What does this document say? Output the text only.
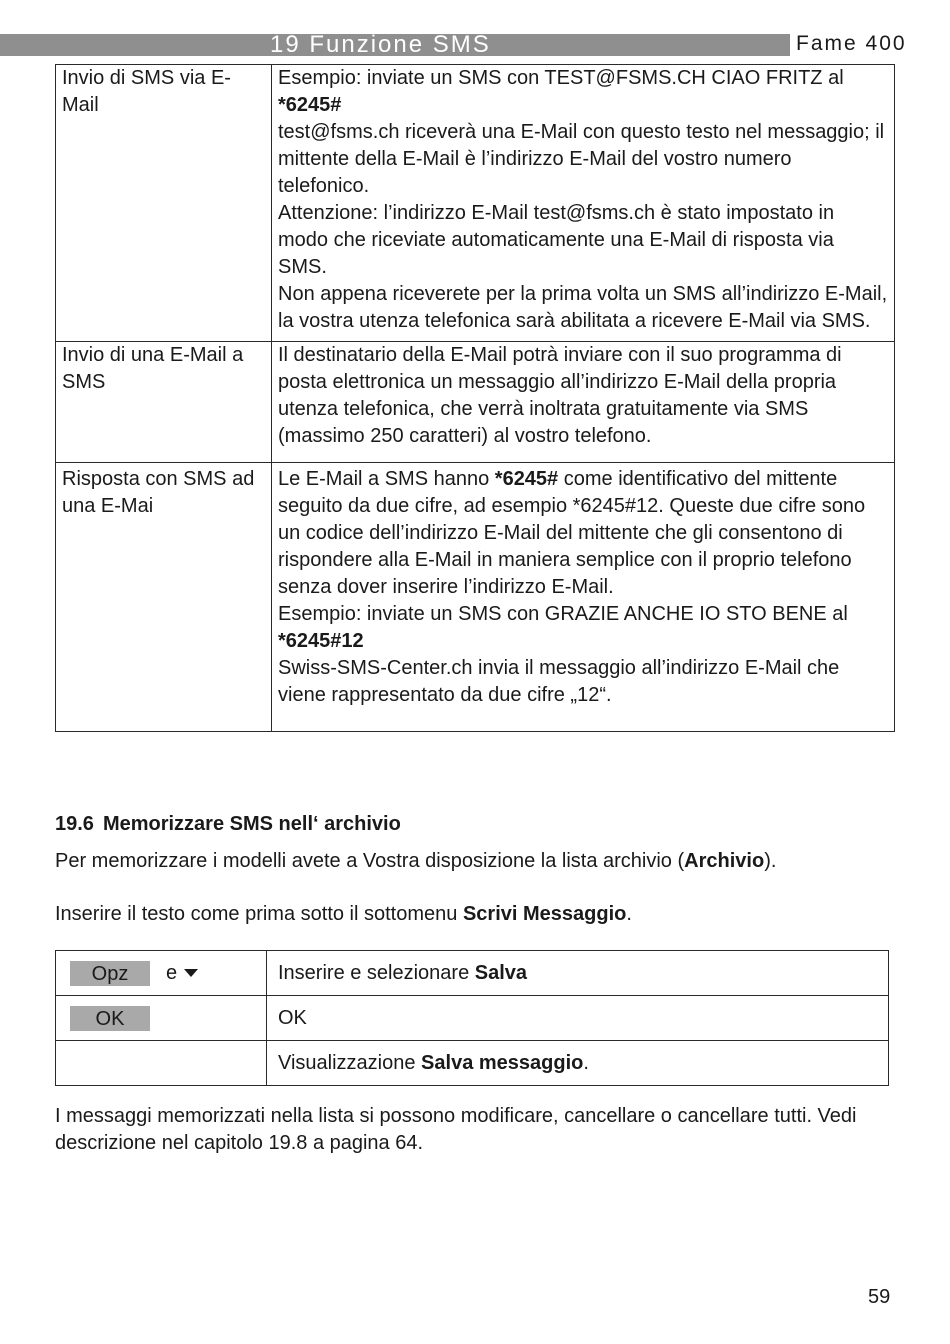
19 Funzione SMS	Fame 400
Invio di SMS via E-Mail	Esempio: inviate un SMS con TEST@FSMS.CH CIAO FRITZ al *6245#
test@fsms.ch riceverà una E-Mail con questo testo nel messaggio; il mittente della E-Mail è l’indirizzo E-Mail del vostro numero telefonico.
Attenzione: l’indirizzo E-Mail test@fsms.ch è stato impostato in modo che riceviate automaticamente una E-Mail di risposta via SMS.
Non appena riceverete per la prima volta un SMS all’indirizzo E-Mail, la vostra utenza telefonica sarà abilitata a ricevere E-Mail via SMS.

Invio di una E-Mail a SMS	Il destinatario della E-Mail potrà inviare con il suo programma di posta elettronica un messaggio all’indirizzo E-Mail della propria utenza telefonica, che verrà inoltrata gratuitamente via SMS (massimo 250 caratteri) al vostro telefono.

Risposta con SMS ad una E-Mai	Le E-Mail a SMS hanno *6245# come identificativo del mittente seguito da due cifre, ad esempio *6245#12. Queste due cifre sono un codice dell’indirizzo E-Mail del mittente che gli consentono di rispondere alla E-Mail in maniera semplice con il proprio telefono senza dover inserire l’indirizzo E-Mail.
Esempio: inviate un SMS con GRAZIE ANCHE IO STO BENE al *6245#12
Swiss-SMS-Center.ch invia il messaggio all’indirizzo E-Mail che viene rappresentato da due cifre „12“.
19.6 Memorizzare SMS nell‘ archivio
Per memorizzare i modelli avete a Vostra disposizione la lista archivio (Archivio).
Inserire il testo come prima sotto il sottomenu Scrivi Messaggio.
Opz e	Inserire e selezionare Salva
OK	OK
	Visualizzazione Salva messaggio.
I messaggi memorizzati nella lista si possono modificare, cancellare o cancellare tutti. Vedi descrizione nel capitolo 19.8 a pagina 64.
59
